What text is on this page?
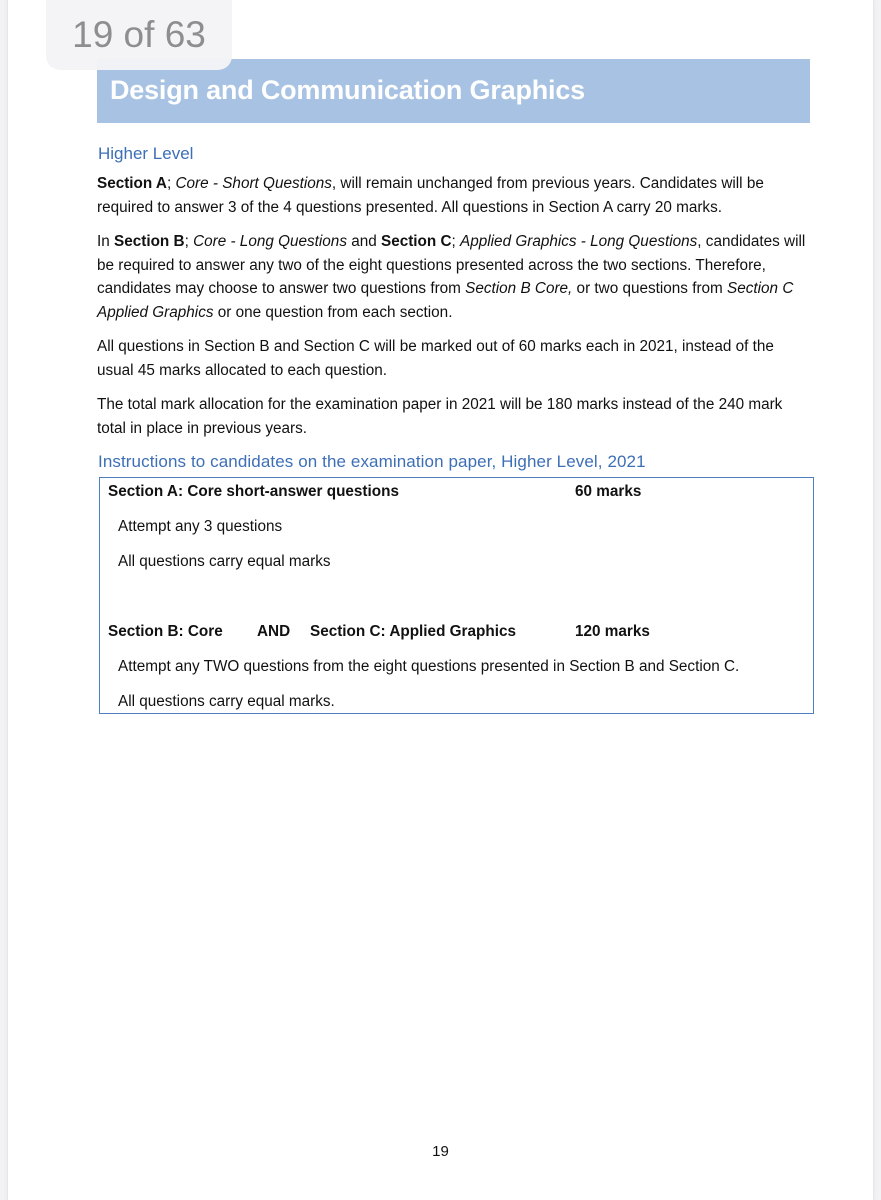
Design and Communication Graphics
Higher Level

Section A; Core - Short Questions, will remain unchanged from previous years. Candidates will be required to answer 3 of the 4 questions presented. All questions in Section A carry 20 marks.

In Section B; Core - Long Questions and Section C; Applied Graphics - Long Questions, candidates will be required to answer any two of the eight questions presented across the two sections. Therefore, candidates may choose to answer two questions from Section B Core, or two questions from Section C Applied Graphics or one question from each section.

All questions in Section B and Section C will be marked out of 60 marks each in 2021, instead of the usual 45 marks allocated to each question.

The total mark allocation for the examination paper in 2021 will be 180 marks instead of the 240 mark total in place in previous years.

Instructions to candidates on the examination paper, Higher Level, 2021
Section A: Core short-answer questions	60 marks
Attempt any 3 questions
All questions carry equal marks
Section B: Core AND Section C: Applied Graphics	120 marks
Attempt any TWO questions from the eight questions presented in Section B and Section C.
All questions carry equal marks.
19
19 of 63
